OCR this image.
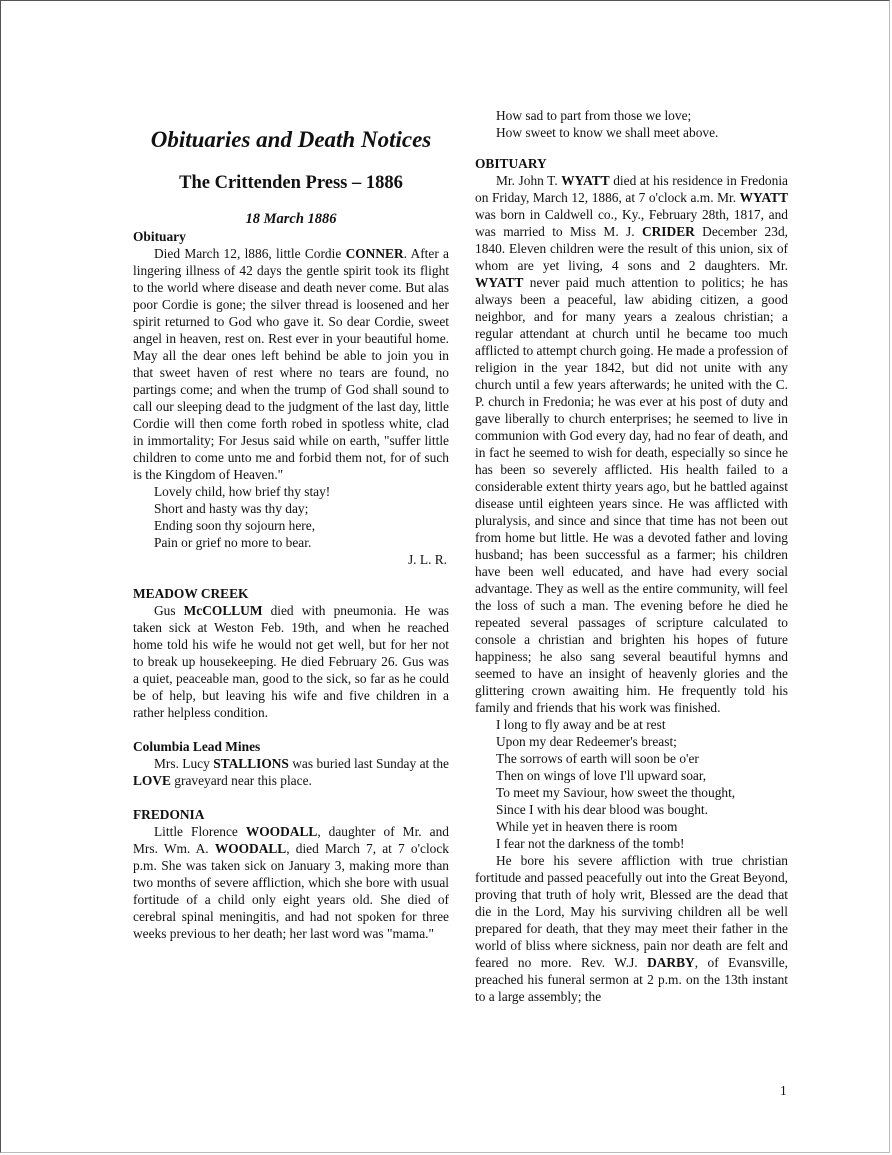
Obituaries and Death Notices
The Crittenden Press – 1886
18 March 1886
Obituary
Died March 12, l886, little Cordie CONNER. After a lingering illness of 42 days the gentle spirit took its flight to the world where disease and death never come. But alas poor Cordie is gone; the silver thread is loosened and her spirit returned to God who gave it. So dear Cordie, sweet angel in heaven, rest on. Rest ever in your beautiful home. May all the dear ones left behind be able to join you in that sweet haven of rest where no tears are found, no partings come; and when the trump of God shall sound to call our sleeping dead to the judgment of the last day, little Cordie will then come forth robed in spotless white, clad in immortality; For Jesus said while on earth, "suffer little children to come unto me and forbid them not, for of such is the Kingdom of Heaven."
Lovely child, how brief thy stay!
Short and hasty was thy day;
Ending soon thy sojourn here,
Pain or grief no more to bear.
J. L. R.
MEADOW CREEK
Gus McCOLLUM died with pneumonia. He was taken sick at Weston Feb. 19th, and when he reached home told his wife he would not get well, but for her not to break up housekeeping. He died February 26. Gus was a quiet, peaceable man, good to the sick, so far as he could be of help, but leaving his wife and five children in a rather helpless condition.
Columbia Lead Mines
Mrs. Lucy STALLIONS was buried last Sunday at the LOVE graveyard near this place.
FREDONIA
Little Florence WOODALL, daughter of Mr. and Mrs. Wm. A. WOODALL, died March 7, at 7 o'clock p.m. She was taken sick on January 3, making more than two months of severe affliction, which she bore with usual fortitude of a child only eight years old. She died of cerebral spinal meningitis, and had not spoken for three weeks previous to her death; her last word was "mama."
How sad to part from those we love;
How sweet to know we shall meet above.
OBITUARY
Mr. John T. WYATT died at his residence in Fredonia on Friday, March 12, 1886, at 7 o'clock a.m. Mr. WYATT was born in Caldwell co., Ky., February 28th, 1817, and was married to Miss M. J. CRIDER December 23d, 1840. Eleven children were the result of this union, six of whom are yet living, 4 sons and 2 daughters. Mr. WYATT never paid much attention to politics; he has always been a peaceful, law abiding citizen, a good neighbor, and for many years a zealous christian; a regular attendant at church until he became too much afflicted to attempt church going. He made a profession of religion in the year 1842, but did not unite with any church until a few years afterwards; he united with the C. P. church in Fredonia; he was ever at his post of duty and gave liberally to church enterprises; he seemed to live in communion with God every day, had no fear of death, and in fact he seemed to wish for death, especially so since he has been so severely afflicted. His health failed to a considerable extent thirty years ago, but he battled against disease until eighteen years since. He was afflicted with pluralysis, and since and since that time has not been out from home but little. He was a devoted father and loving husband; has been successful as a farmer; his children have been well educated, and have had every social advantage. They as well as the entire community, will feel the loss of such a man. The evening before he died he repeated several passages of scripture calculated to console a christian and brighten his hopes of future happiness; he also sang several beautiful hymns and seemed to have an insight of heavenly glories and the glittering crown awaiting him. He frequently told his family and friends that his work was finished.
I long to fly away and be at rest
Upon my dear Redeemer's breast;
The sorrows of earth will soon be o'er
Then on wings of love I'll upward soar,
To meet my Saviour, how sweet the thought,
Since I with his dear blood was bought.
While yet in heaven there is room
I fear not the darkness of the tomb!
He bore his severe affliction with true christian fortitude and passed peacefully out into the Great Beyond, proving that truth of holy writ, Blessed are the dead that die in the Lord, May his surviving children all be well prepared for death, that they may meet their father in the world of bliss where sickness, pain nor death are felt and feared no more. Rev. W.J. DARBY, of Evansville, preached his funeral sermon at 2 p.m. on the 13th instant to a large assembly; the
1
